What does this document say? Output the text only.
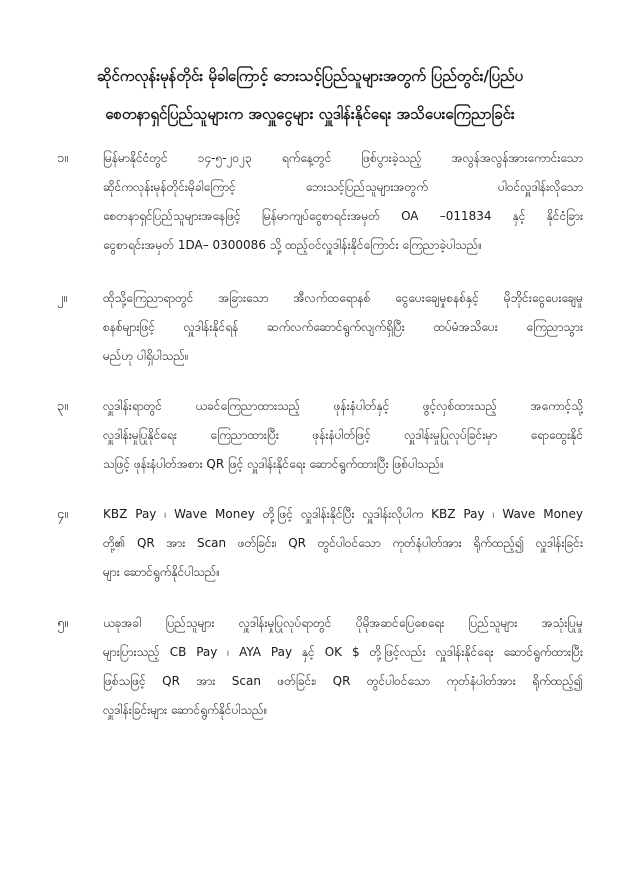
ဆိုင်ကလုန်းမုန်တိုင်း မိုခါကြောင့် ဘေးသင့်ပြည်သူများအတွက် ပြည်တွင်း/ပြည်ပ
စေတနာရှင်ပြည်သူများက အလှူငွေများ လှူဒါန်းနိုင်ရေး အသိပေးကြေညာခြင်း
၁။	မြန်မာနိုင်ငံတွင် ၁၄-၅-၂၀၂၃ ရက်နေ့တွင် ဖြစ်ပွားခဲ့သည့် အလွန်အလွန်အားကောင်းသော
ဆိုင်ကလုန်းမုန်တိုင်းမိုခါကြောင့် ဘေးသင့်ပြည်သူများအတွက် ပါဝင်လှူဒါန်းလိုသော
စေတနာရှင်ပြည်သူများအနေဖြင့် မြန်မာကျပ်ငွေစာရင်းအမှတ် OA –011834 နှင့် နိုင်ငံခြား
ငွေစာရင်းအမှတ် 1DA– 0300086 သို့ ထည့်ဝင်လှူဒါန်းနိုင်ကြောင်း ကြေညာခဲ့ပါသည်။
၂။	ထိုသို့ကြေညာရာတွင် အခြားသော အီလက်ထရောနစ် ငွေပေးချေမှုစနစ်နှင့် မိုဘိုင်းငွေပေးချေမှု
စနစ်များဖြင့် လှူဒါန်းနိုင်ရန် ဆက်လက်ဆောင်ရွက်လျက်ရှိပြီး ထပ်မံအသိပေး ကြေညာသွား
မည်ဟု ပါရှိပါသည်။
၃။	လှူဒါန်းရာတွင် ယခင်ကြေညာထားသည့် ဖုန်းနံပါတ်နှင့် ဖွင့်လှစ်ထားသည့် အကောင့်သို့
လှူဒါန်းမှုပြုနိုင်ရေး ကြေညာထားပြီး ဖုန်းနံပါတ်ဖြင့် လှူဒါန်းမှုပြုလုပ်ခြင်းမှာ ရောထွေးနိုင်
သဖြင့် ဖုန်းနံပါတ်အစား QR ဖြင့် လှူဒါန်းနိုင်ရေး ဆောင်ရွက်ထားပြီး ဖြစ်ပါသည်။
၄။	KBZ Pay ၊ Wave Money တို့ဖြင့် လှူဒါန်းနိုင်ပြီး လှူဒါန်းလိုပါက KBZ Pay ၊ Wave Money
တို့၏ QR အား Scan ဖတ်ခြင်း၊ QR တွင်ပါဝင်သော ကုတ်နံပါတ်အား ရိုက်ထည့်၍ လှူဒါန်းခြင်း
များ ဆောင်ရွက်နိုင်ပါသည်။
၅။	ယခုအခါ ပြည်သူများ လှူဒါန်းမှုပြုလုပ်ရာတွင် ပိုမိုအဆင်ပြေစေရေး ပြည်သူများ အသုံးပြုမှု
များပြားသည့် CB Pay ၊ AYA Pay နှင့် OK $ တို့ဖြင့်လည်း လှူဒါန်းနိုင်ရေး ဆောင်ရွက်ထားပြီး
ဖြစ်သဖြင့် QR အား Scan ဖတ်ခြင်း၊ QR တွင်ပါဝင်သော ကုတ်နံပါတ်အား ရိုက်ထည့်၍
လှူဒါန်းခြင်းများ ဆောင်ရွက်နိုင်ပါသည်။
